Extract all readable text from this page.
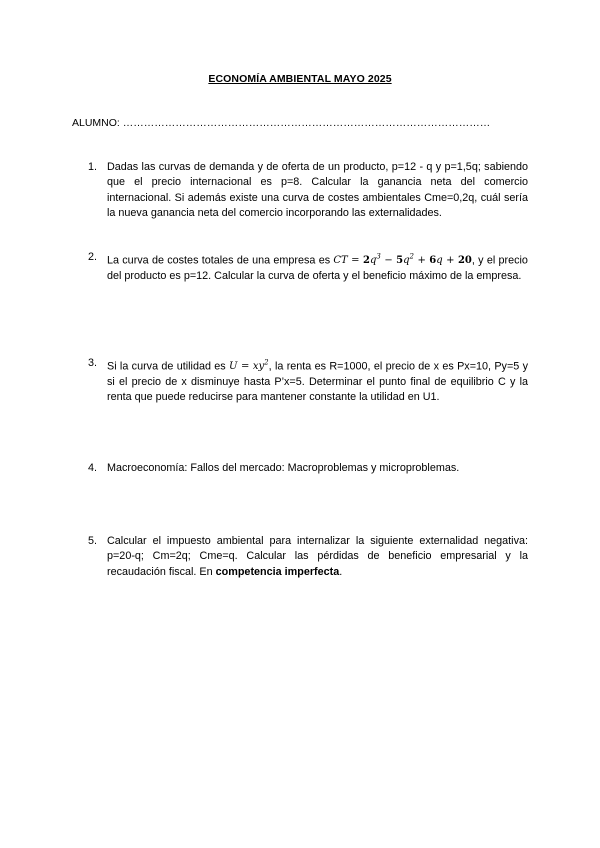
ECONOMÍA AMBIENTAL MAYO 2025
ALUMNO: ……………………………………………………………………………………………
1. Dadas las curvas de demanda y de oferta de un producto, p=12 - q y p=1,5q; sabiendo que el precio internacional es p=8. Calcular la ganancia neta del comercio internacional. Si además existe una curva de costes ambientales Cme=0,2q, cuál sería la nueva ganancia neta del comercio incorporando las externalidades.
2. La curva de costes totales de una empresa es CT = $2q^3 - 5q^2 + 6q + 20$, y el precio del producto es p=12. Calcular la curva de oferta y el beneficio máximo de la empresa.
3. Si la curva de utilidad es $U = xy^2$, la renta es R=1000, el precio de x es Px=10, Py=5 y si el precio de x disminuye hasta P’x=5. Determinar el punto final de equilibrio C y la renta que puede reducirse para mantener constante la utilidad en U1.
4. Macroeconomía: Fallos del mercado: Macroproblemas y microproblemas.
5. Calcular el impuesto ambiental para internalizar la siguiente externalidad negativa: p=20-q; Cm=2q; Cme=q. Calcular las pérdidas de beneficio empresarial y la recaudación fiscal. En competencia imperfecta.
